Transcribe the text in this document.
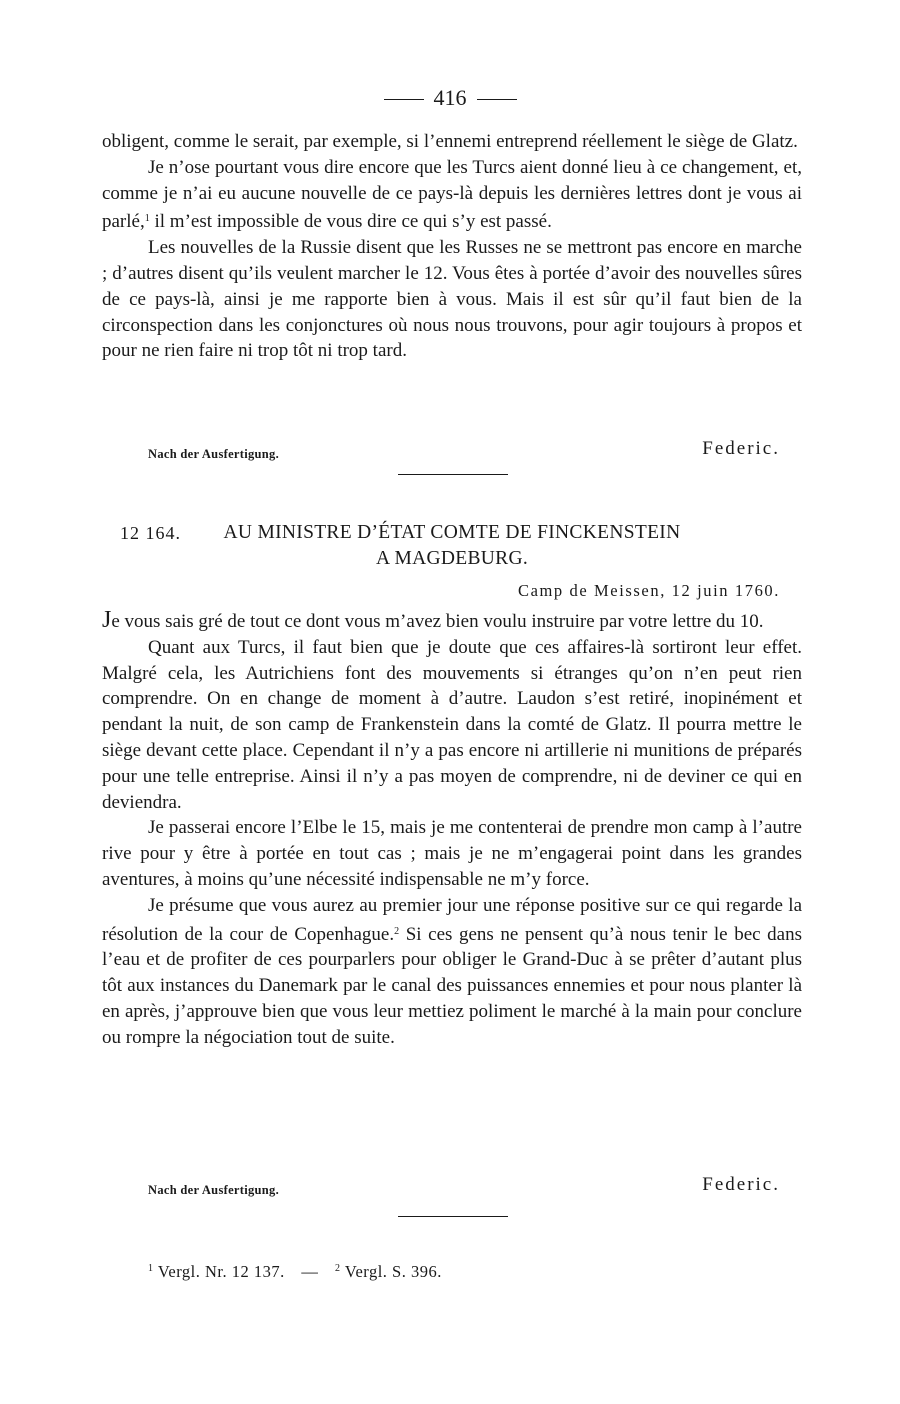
416

obligent, comme le serait, par exemple, si l’ennemi entreprend réellement le siège de Glatz.

Je n’ose pourtant vous dire encore que les Turcs aient donné lieu à ce changement, et, comme je n’ai eu aucune nouvelle de ce pays-là depuis les dernières lettres dont je vous ai parlé,$^1$ il m’est impossible de vous dire ce qui s’y est passé.

Les nouvelles de la Russie disent que les Russes ne se mettront pas encore en marche ; d’autres disent qu’ils veulent marcher le 12. Vous êtes à portée d’avoir des nouvelles sûres de ce pays-là, ainsi je me rapporte bien à vous. Mais il est sûr qu’il faut bien de la circonspection dans les conjonctures où nous nous trouvons, pour agir toujours à propos et pour ne rien faire ni trop tôt ni trop tard.

Nach der Ausfertigung.	Federic.
12 164.	AU MINISTRE D’ÉTAT COMTE DE FINCKENSTEIN
A MAGDEBURG.
Camp de Meissen, 12 juin 1760.

Je vous sais gré de tout ce dont vous m’avez bien voulu instruire par votre lettre du 10.

Quant aux Turcs, il faut bien que je doute que ces affaires-là sortiront leur effet. Malgré cela, les Autrichiens font des mouvements si étranges qu’on n’en peut rien comprendre. On en change de moment à d’autre. Laudon s’est retiré, inopinément et pendant la nuit, de son camp de Frankenstein dans la comté de Glatz. Il pourra mettre le siège devant cette place. Cependant il n’y a pas encore ni artillerie ni munitions de préparés pour une telle entreprise. Ainsi il n’y a pas moyen de comprendre, ni de deviner ce qui en deviendra.

Je passerai encore l’Elbe le 15, mais je me contenterai de prendre mon camp à l’autre rive pour y être à portée en tout cas ; mais je ne m’engagerai point dans les grandes aventures, à moins qu’une nécessité indispensable ne m’y force.

Je présume que vous aurez au premier jour une réponse positive sur ce qui regarde la résolution de la cour de Copenhague.$^2$ Si ces gens ne pensent qu’à nous tenir le bec dans l’eau et de profiter de ces pourparlers pour obliger le Grand-Duc à se prêter d’autant plus tôt aux instances du Danemark par le canal des puissances ennemies et pour nous planter là en après, j’approuve bien que vous leur mettiez poliment le marché à la main pour conclure ou rompre la négociation tout de suite.

Nach der Ausfertigung.	Federic.
$^1$ Vergl. Nr. 12 137. — $^2$ Vergl. S. 396.
